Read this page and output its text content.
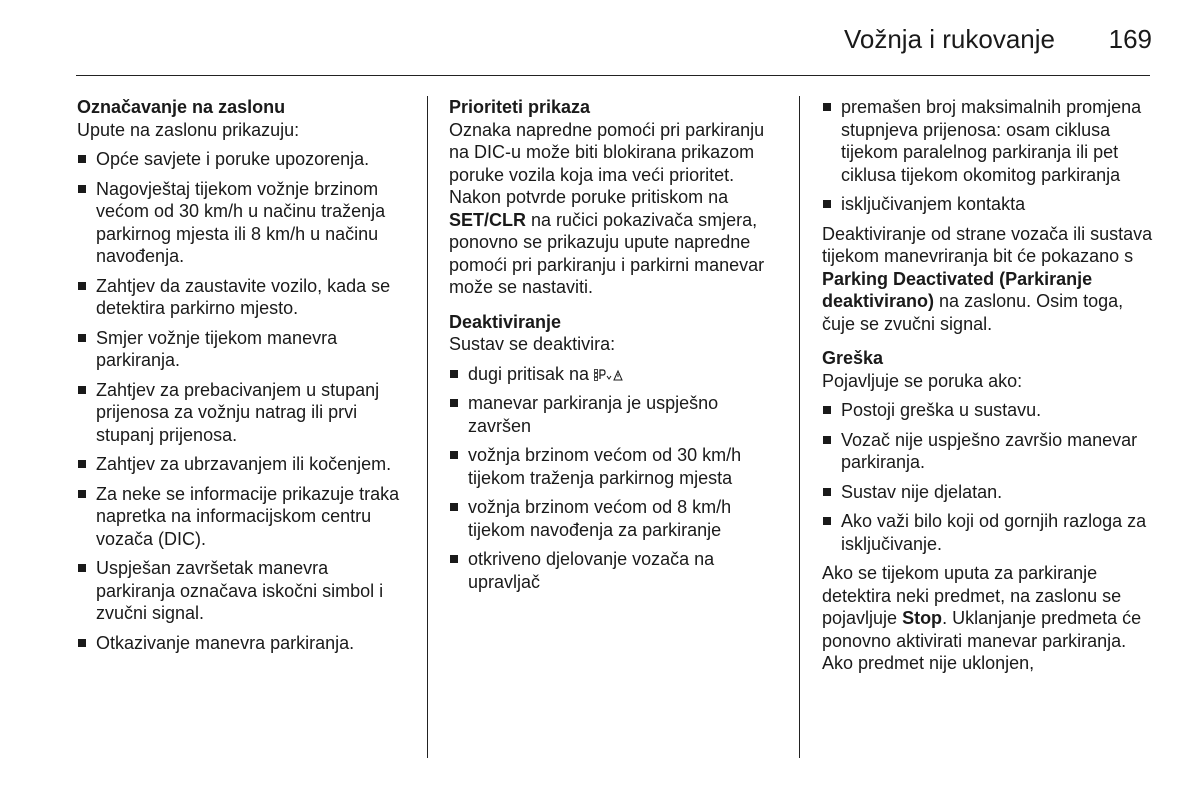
Vožnja i rukovanje 169

Označavanje na zaslonu

Upute na zaslonu prikazuju:

Opće savjete i poruke upozorenja.
Nagovještaj tijekom vožnje brzinom većom od 30 km/h u načinu traženja parkirnog mjesta ili 8 km/h u načinu navođenja.
Zahtjev da zaustavite vozilo, kada se detektira parkirno mjesto.
Smjer vožnje tijekom manevra parkiranja.
Zahtjev za prebacivanjem u stupanj prijenosa za vožnju natrag ili prvi stupanj prijenosa.
Zahtjev za ubrzavanjem ili kočenjem.
Za neke se informacije prikazuje traka napretka na informacijskom centru vozača (DIC).
Uspješan završetak manevra parkiranja označava iskočni simbol i zvučni signal.
Otkazivanje manevra parkiranja.

Prioriteti prikaza

Oznaka napredne pomoći pri parkiranju na DIC-u može biti blokirana prikazom poruke vozila koja ima veći prioritet. Nakon potvrde poruke pritiskom na SET/CLR na ručici pokazivača smjera, ponovno se prikazuju upute napredne pomoći pri parkiranju i parkirni manevar može se nastaviti.

Deaktiviranje

Sustav se deaktivira:

dugi pritisak na
manevar parkiranja je uspješno završen
vožnja brzinom većom od 30 km/h tijekom traženja parkirnog mjesta
vožnja brzinom većom od 8 km/h tijekom navođenja za parkiranje
otkriveno djelovanje vozača na upravljač
premašen broj maksimalnih promjena stupnjeva prijenosa: osam ciklusa tijekom paralelnog parkiranja ili pet ciklusa tijekom okomitog parkiranja
isključivanjem kontakta

Deaktiviranje od strane vozača ili sustava tijekom manevriranja bit će pokazano s Parking Deactivated (Parkiranje deaktivirano) na zaslonu. Osim toga, čuje se zvučni signal.

Greška

Pojavljuje se poruka ako:

Postoji greška u sustavu.
Vozač nije uspješno završio manevar parkiranja.
Sustav nije djelatan.
Ako važi bilo koji od gornjih razloga za isključivanje.

Ako se tijekom uputa za parkiranje detektira neki predmet, na zaslonu se pojavljuje Stop. Uklanjanje predmeta će ponovno aktivirati manevar parkiranja. Ako predmet nije uklonjen,
